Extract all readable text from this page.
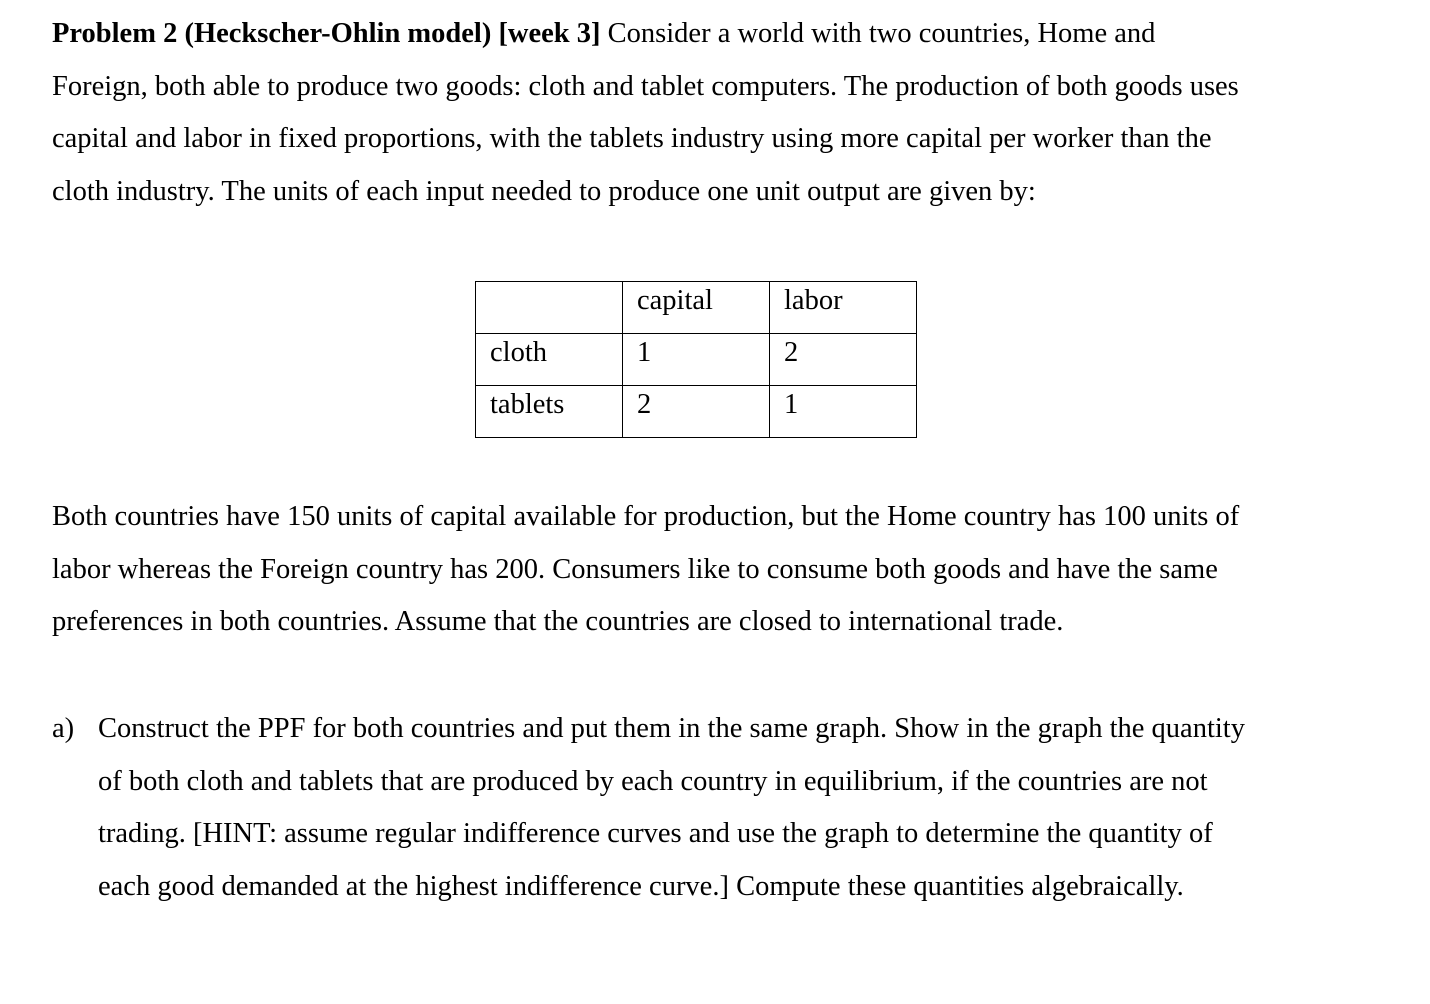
Problem 2 (Heckscher-Ohlin model) [week 3] Consider a world with two countries, Home and
Foreign, both able to produce two goods: cloth and tablet computers. The production of both goods uses
capital and labor in fixed proportions, with the tablets industry using more capital per worker than the
cloth industry. The units of each input needed to produce one unit output are given by:
	capital	labor
cloth	1	2
tablets	2	1
Both countries have 150 units of capital available for production, but the Home country has 100 units of
labor whereas the Foreign country has 200. Consumers like to consume both goods and have the same
preferences in both countries. Assume that the countries are closed to international trade.
a) Construct the PPF for both countries and put them in the same graph. Show in the graph the quantity
of both cloth and tablets that are produced by each country in equilibrium, if the countries are not
trading. [HINT: assume regular indifference curves and use the graph to determine the quantity of
each good demanded at the highest indifference curve.] Compute these quantities algebraically.
